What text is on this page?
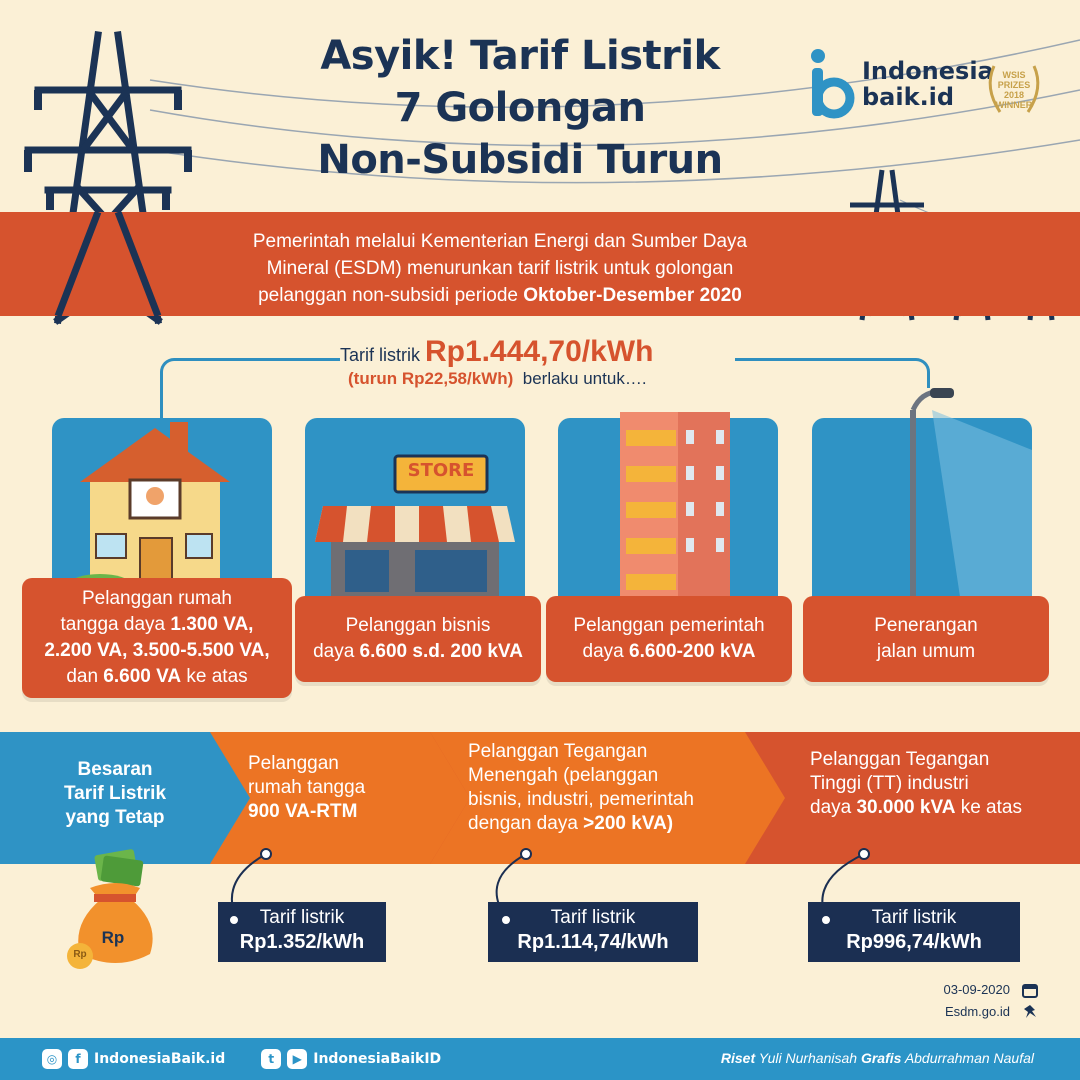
Asyik! Tarif Listrik
7 Golongan
Non-Subsidi Turun
Indonesia
baik.id
WSIS
PRIZES
2018
WINNER
Pemerintah melalui Kementerian Energi dan Sumber Daya
Mineral (ESDM) menurunkan tarif listrik untuk golongan
pelanggan non-subsidi periode Oktober-Desember 2020
Tarif listrik Rp1.444,70/kWh
(turun Rp22,58/kWh) berlaku untuk….
Pelanggan rumah
tangga daya 1.300 VA,
2.200 VA, 3.500-5.500 VA,
dan 6.600 VA ke atas
STORE
Pelanggan bisnis
daya 6.600 s.d. 200 kVA
Pelanggan pemerintah
daya 6.600-200 kVA
Penerangan
jalan umum
Besaran
Tarif Listrik
yang Tetap
Pelanggan
rumah tangga
900 VA-RTM
Pelanggan Tegangan
Menengah (pelanggan
bisnis, industri, pemerintah
dengan daya >200 kVA)
Pelanggan Tegangan
Tinggi (TT) industri
daya 30.000 kVA ke atas
Rp
Rp
Tarif listrik
Rp1.352/kWh
Tarif listrik
Rp1.114,74/kWh
Tarif listrik
Rp996,74/kWh
03-09-2020
Esdm.go.id
◎	f IndonesiaBaik.id	t	▶ IndonesiaBaikID	Riset Yuli Nurhanisah Grafis Abdurrahman Naufal
